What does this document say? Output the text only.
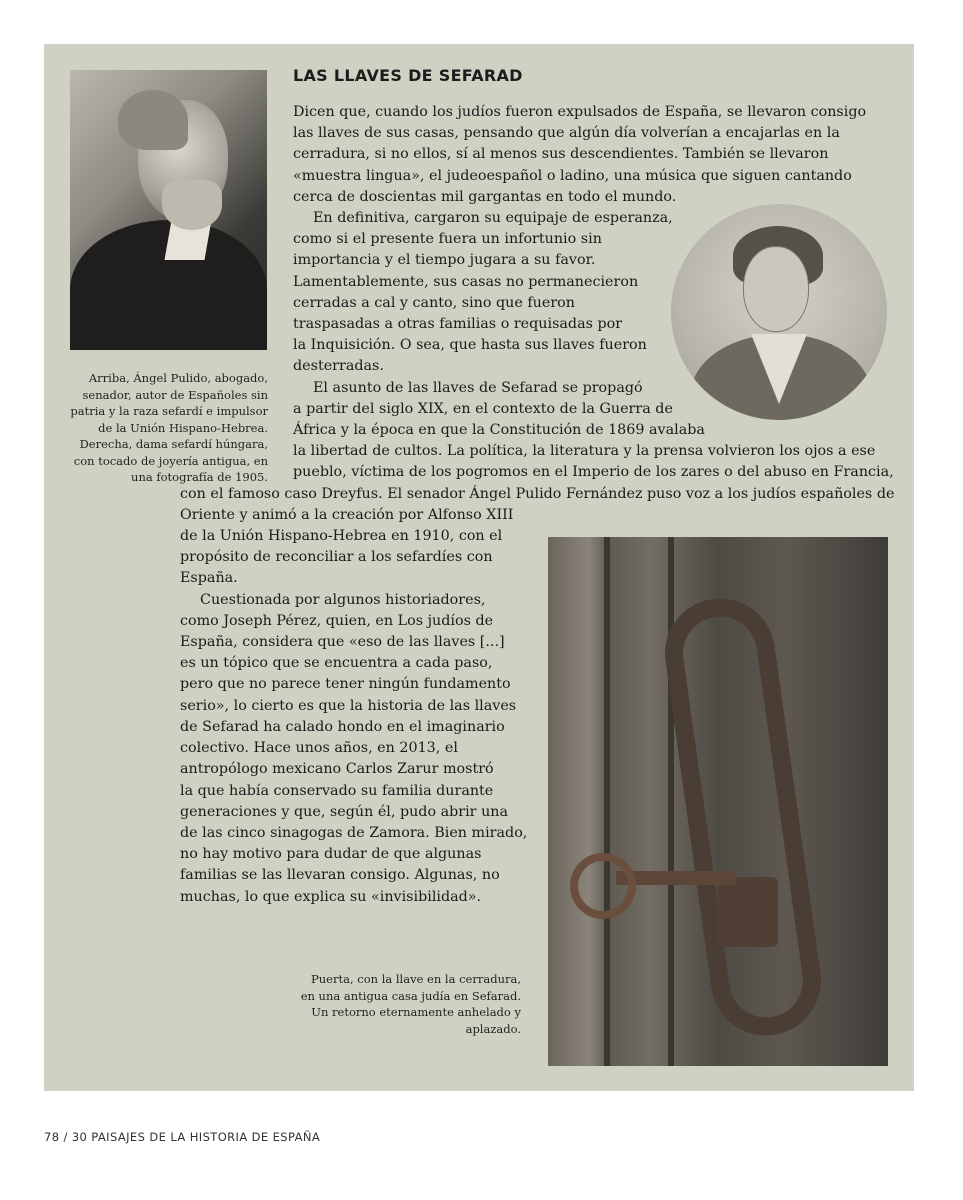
Arriba, Ángel Pulido, abogado, senador, autor de Españoles sin patria y la raza sefardí e impulsor de la Unión Hispano-Hebrea. Derecha, dama sefardí húngara, con tocado de joyería antigua, en una fotografía de 1905.
LAS LLAVES DE SEFARAD
Dicen que, cuando los judíos fueron expulsados de España, se llevaron consigo
las llaves de sus casas, pensando que algún día volverían a encajarlas en la
cerradura, si no ellos, sí al menos sus descendientes. También se llevaron
«muestra lingua», el judeoespañol o ladino, una música que siguen cantando
cerca de doscientas mil gargantas en todo el mundo.
En definitiva, cargaron su equipaje de esperanza,
como si el presente fuera un infortunio sin
importancia y el tiempo jugara a su favor.
Lamentablemente, sus casas no permanecieron
cerradas a cal y canto, sino que fueron
traspasadas a otras familias o requisadas por
la Inquisición. O sea, que hasta sus llaves fueron
desterradas.
El asunto de las llaves de Sefarad se propagó
a partir del siglo XIX, en el contexto de la Guerra de
África y la época en que la Constitución de 1869 avalaba
la libertad de cultos. La política, la literatura y la prensa volvieron los ojos a ese
pueblo, víctima de los pogromos en el Imperio de los zares o del abuso en Francia,
con el famoso caso Dreyfus. El senador Ángel Pulido Fernández puso voz a los judíos españoles de
Oriente y animó a la creación por Alfonso XIII
de la Unión Hispano-Hebrea en 1910, con el
propósito de reconciliar a los sefardíes con
España.
Cuestionada por algunos historiadores,
como Joseph Pérez, quien, en Los judíos de
España, considera que «eso de las llaves [...]
es un tópico que se encuentra a cada paso,
pero que no parece tener ningún fundamento
serio», lo cierto es que la historia de las llaves
de Sefarad ha calado hondo en el imaginario
colectivo. Hace unos años, en 2013, el
antropólogo mexicano Carlos Zarur mostró
la que había conservado su familia durante
generaciones y que, según él, pudo abrir una
de las cinco sinagogas de Zamora. Bien mirado,
no hay motivo para dudar de que algunas
familias se las llevaran consigo. Algunas, no
muchas, lo que explica su «invisibilidad».
Puerta, con la llave en la cerradura, en una antigua casa judía en Sefarad. Un retorno eternamente anhelado y aplazado.
78 / 30 PAISAJES DE LA HISTORIA DE ESPAÑA
